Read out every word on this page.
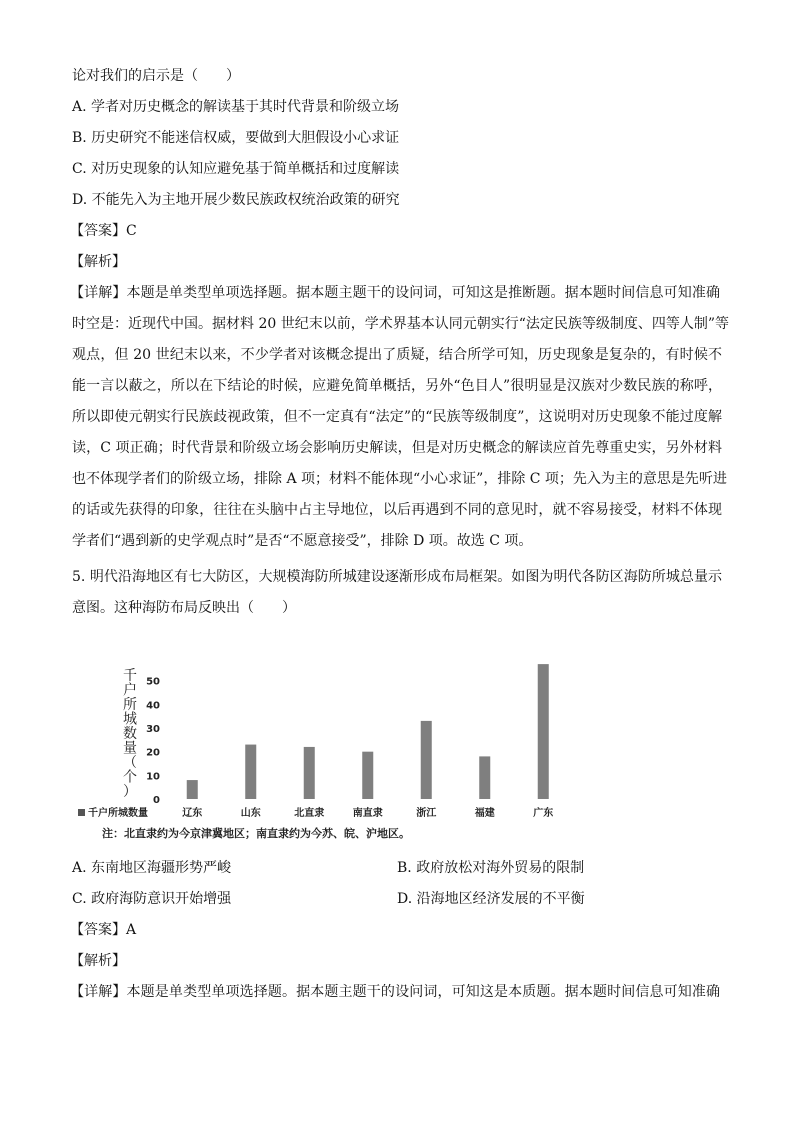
论对我们的启示是（　　）
A. 学者对历史概念的解读基于其时代背景和阶级立场
B. 历史研究不能迷信权威，要做到大胆假设小心求证
C. 对历史现象的认知应避免基于简单概括和过度解读
D. 不能先入为主地开展少数民族政权统治政策的研究
【答案】C
【解析】
【详解】本题是单类型单项选择题。据本题主题干的设问词，可知这是推断题。据本题时间信息可知准确
时空是：近现代中国。据材料 20 世纪末以前，学术界基本认同元朝实行“法定民族等级制度、四等人制”等
观点，但 20 世纪末以来，不少学者对该概念提出了质疑，结合所学可知，历史现象是复杂的，有时候不
能一言以蔽之，所以在下结论的时候，应避免简单概括，另外“色目人”很明显是汉族对少数民族的称呼，
所以即使元朝实行民族歧视政策，但不一定真有“法定”的“民族等级制度”，这说明对历史现象不能过度解
读，C 项正确；时代背景和阶级立场会影响历史解读，但是对历史概念的解读应首先尊重史实，另外材料
也不体现学者们的阶级立场，排除 A 项；材料不能体现“小心求证”，排除 C 项；先入为主的意思是先听进
的话或先获得的印象，往往在头脑中占主导地位，以后再遇到不同的意见时，就不容易接受，材料不体现
学者们“遇到新的史学观点时”是否“不愿意接受”，排除 D 项。故选 C 项。
5. 明代沿海地区有七大防区，大规模海防所城建设逐渐形成布局框架。如图为明代各防区海防所城总量示
意图。这种海防布局反映出（　　）
0
10
20
30
40
50
辽东	山东	北直隶	南直隶	浙江	福建	广东
千
户
所
城
数
量
（
个
）
千户所城数量
注：北直隶约为今京津冀地区；南直隶约为今苏、皖、沪地区。
A. 东南地区海疆形势严峻	B. 政府放松对海外贸易的限制
C. 政府海防意识开始增强	D. 沿海地区经济发展的不平衡
【答案】A
【解析】
【详解】本题是单类型单项选择题。据本题主题干的设问词，可知这是本质题。据本题时间信息可知准确
